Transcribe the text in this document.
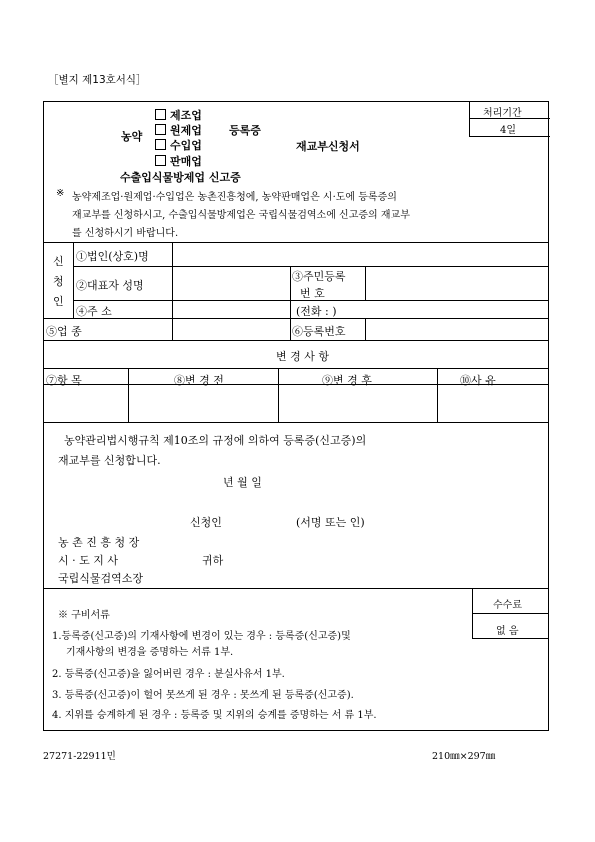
［별지 제13호서식］
제조업
원제업
수입업
판매업
농약	등록증
재교부신청서
수출입식물방제업 신고증
처리기간
4일
※ 농약제조업·원제업·수입업은 농촌진흥청에, 농약판매업은 시·도에 등록증의
재교부를 신청하시고, 수출입식물방제업은 국립식물검역소에 신고증의 재교부
를 신청하시기 바랍니다.
신
청
인
①법인(상호)명
②대표자 성명
③주민등록
번 호
④주 소	(전화 : )
⑤업 종	⑥등록번호
변 경 사 항
⑦항 목	⑧변 경 전	⑨변 경 후	⑩사 유
농약관리법시행규칙 제10조의 규정에 의하여 등록증(신고증)의
재교부를 신청합니다.
년 월 일
신청인	(서명 또는 인)
농 촌 진 흥 청 장
시 · 도 지 사	귀하
국립식물검역소장
※ 구비서류
수수료
없 음
1.등록증(신고증)의 기재사항에 변경이 있는 경우 : 등록증(신고증)및
기재사항의 변경을 증명하는 서류 1부.
2. 등록증(신고증)을 잃어버린 경우 : 분실사유서 1부.
3. 등록증(신고증)이 헐어 못쓰게 된 경우 : 못쓰게 된 등록증(신고증).
4. 지위를 승계하게 된 경우 : 등록증 및 지위의 승계를 증명하는 서 류 1부.
27271-22911민	210㎜×297㎜
